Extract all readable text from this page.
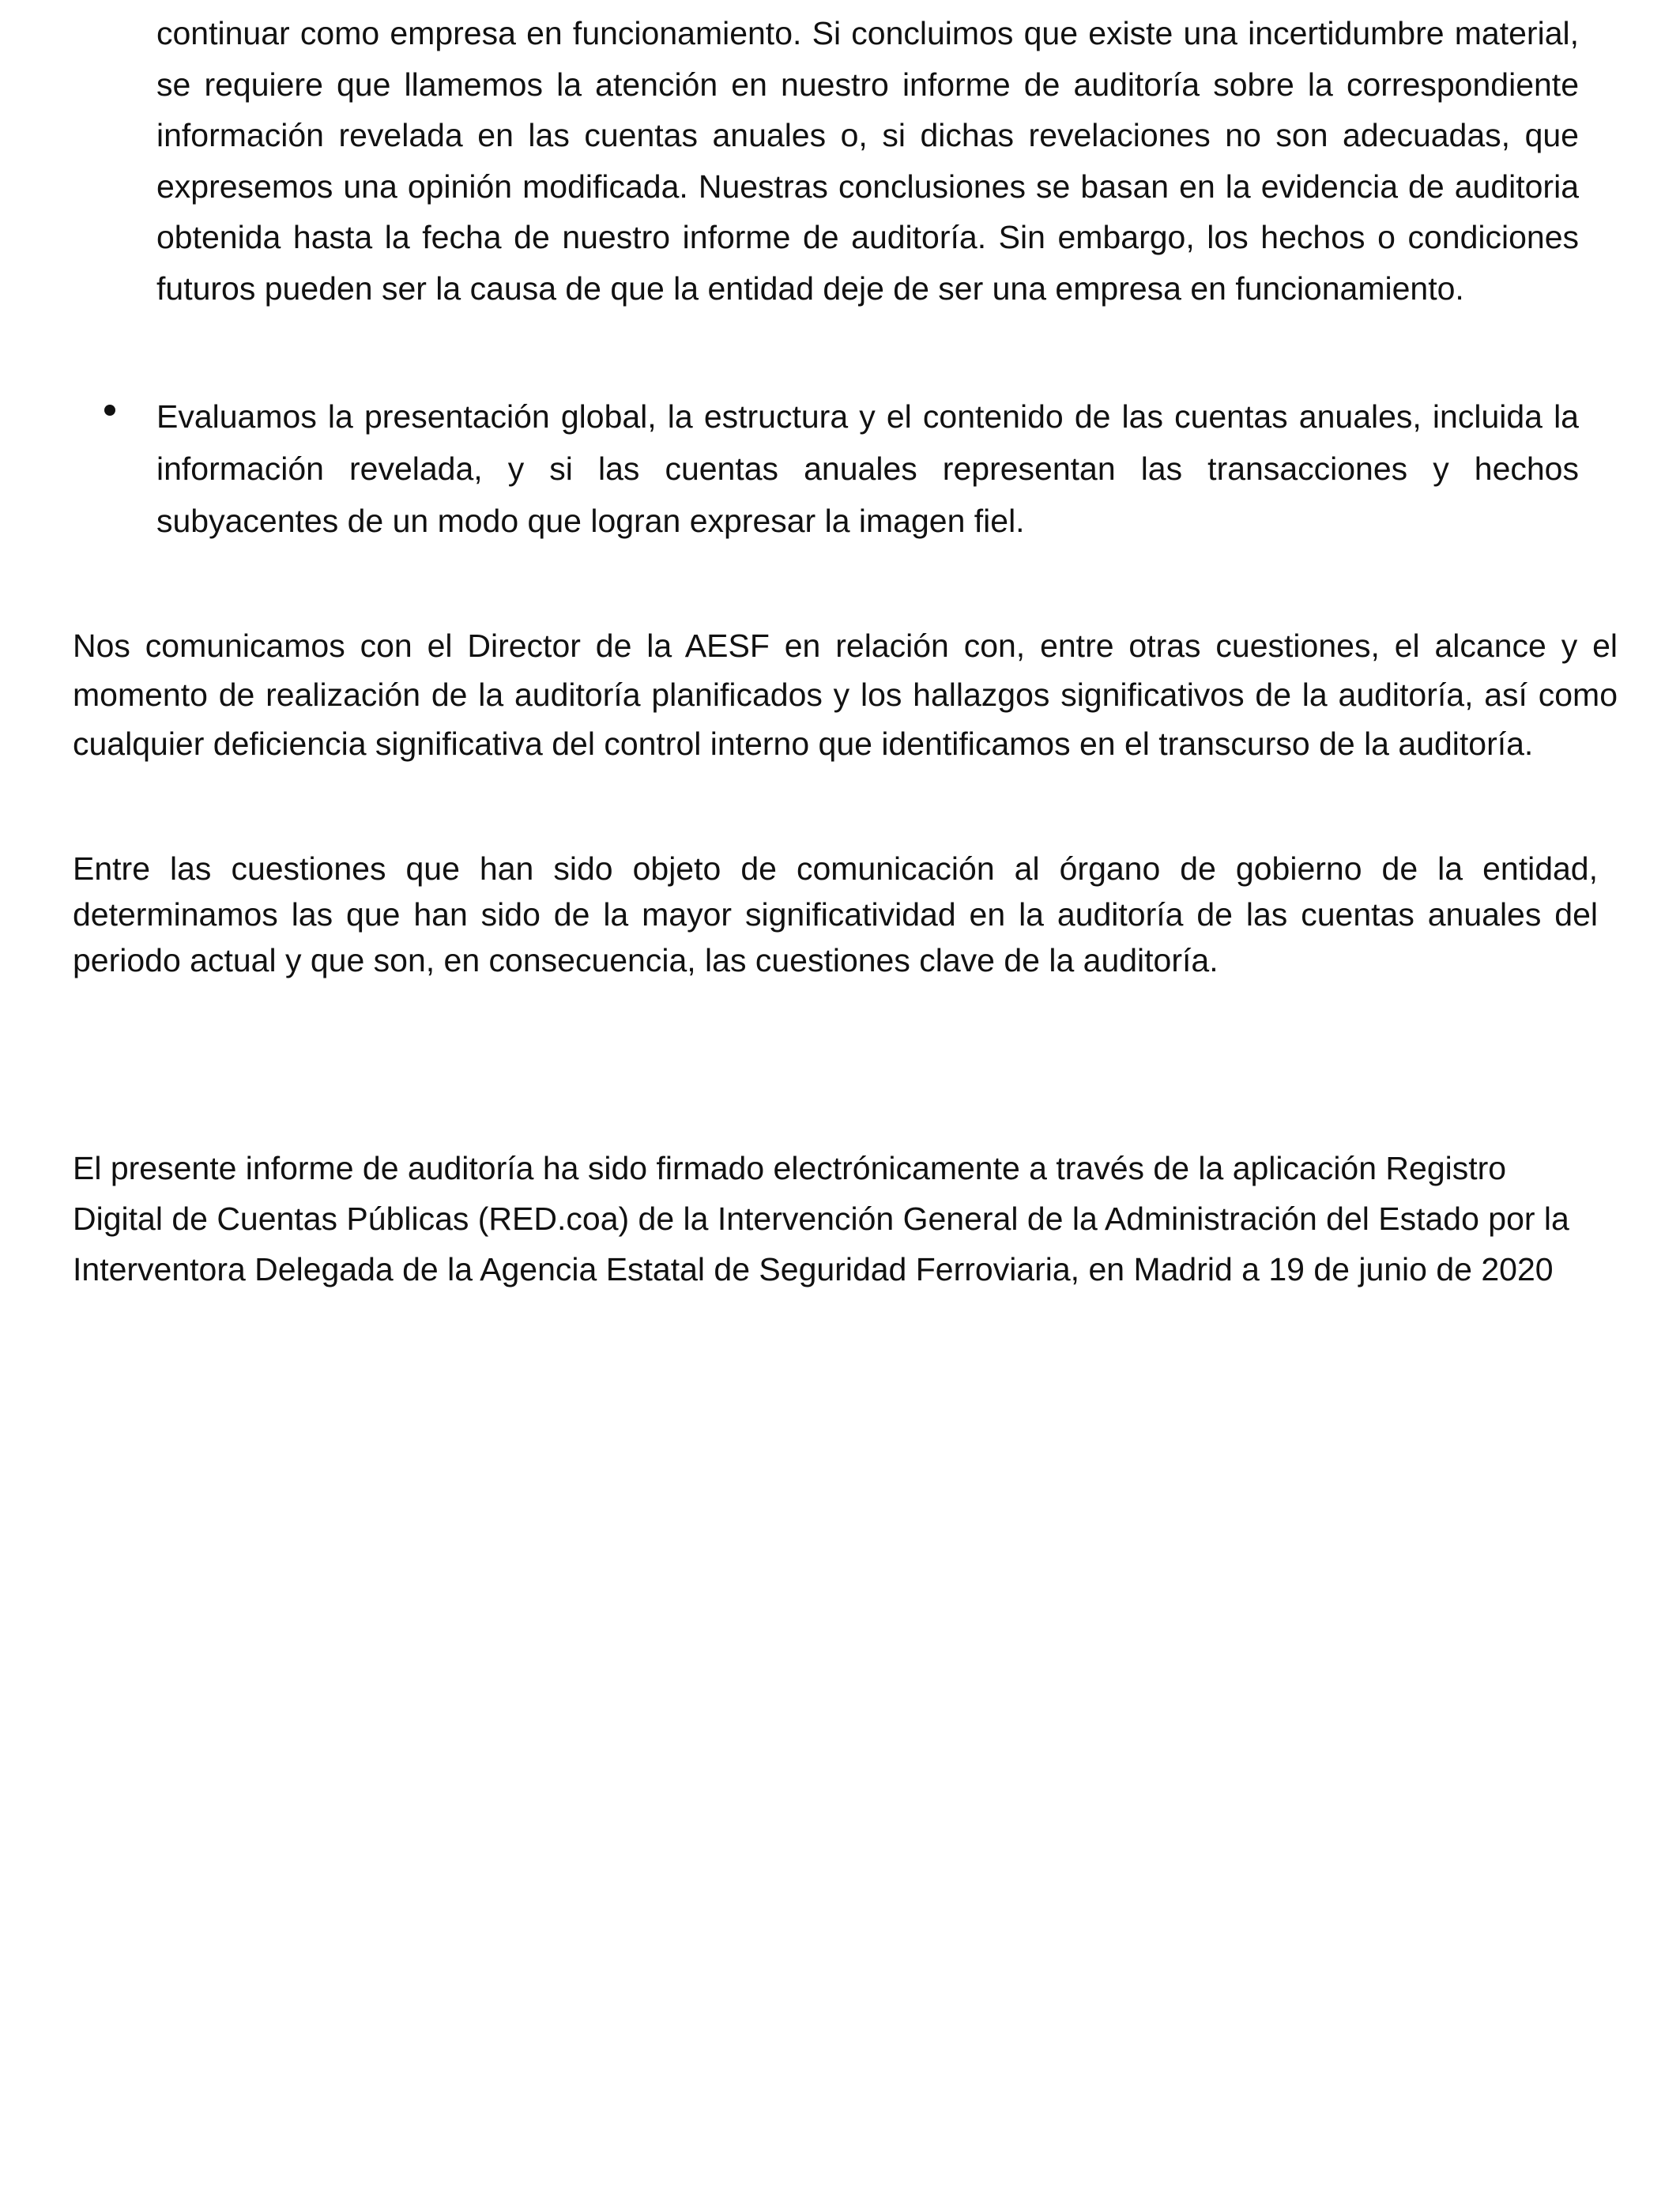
continuar como empresa en funcionamiento. Si concluimos que existe una incertidumbre material, se requiere que llamemos la atención en nuestro informe de auditoría sobre la correspondiente información revelada en las cuentas anuales o, si dichas revelaciones no son adecuadas, que expresemos una opinión modificada. Nuestras conclusiones se basan en la evidencia de auditoria obtenida hasta la fecha de nuestro informe de auditoría. Sin embargo, los hechos o condiciones futuros pueden ser la causa de que la entidad deje de ser una empresa en funcionamiento.

Evaluamos la presentación global, la estructura y el contenido de las cuentas anuales, incluida la información revelada, y si las cuentas anuales representan las transacciones y hechos subyacentes de un modo que logran expresar la imagen fiel.

Nos comunicamos con el Director de la AESF en relación con, entre otras cuestiones, el alcance y el momento de realización de la auditoría planificados y los hallazgos significativos de la auditoría, así como cualquier deficiencia significativa del control interno que identificamos en el transcurso de la auditoría.

Entre las cuestiones que han sido objeto de comunicación al órgano de gobierno de la entidad, determinamos las que han sido de la mayor significatividad en la auditoría de las cuentas anuales del periodo actual y que son, en consecuencia, las cuestiones clave de la auditoría.

El presente informe de auditoría ha sido firmado electrónicamente a través de la aplicación Registro Digital de Cuentas Públicas (RED.coa) de la Intervención General de la Administración del Estado por la Interventora Delegada de la Agencia Estatal de Seguridad Ferroviaria, en Madrid a 19 de junio de 2020
